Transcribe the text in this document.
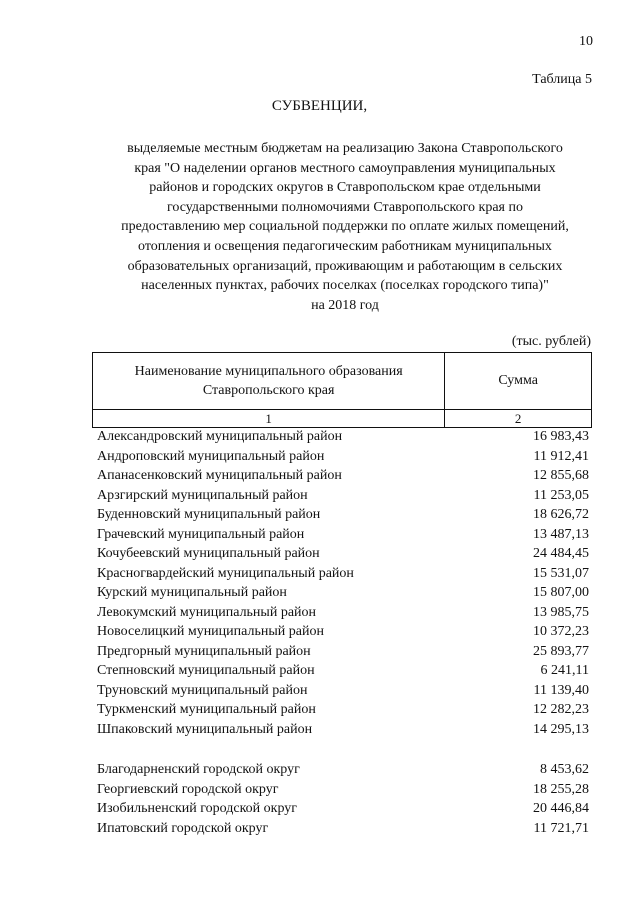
10
Таблица 5
СУБВЕНЦИИ,
выделяемые местным бюджетам на реализацию Закона Ставропольского
края "О наделении органов местного самоуправления муниципальных
районов и городских округов в Ставропольском крае отдельными
государственными полномочиями Ставропольского края по
предоставлению мер социальной поддержки по оплате жилых помещений,
отопления и освещения педагогическим работникам муниципальных
образовательных организаций, проживающим и работающим в сельских
населенных пунктах, рабочих поселках (поселках городского типа)"
на 2018 год
(тыс. рублей)
Наименование муниципального образования
Ставропольского края	Сумма
1	2
Александровский муниципальный район	16 983,43
Андроповский муниципальный район	11 912,41
Апанасенковский муниципальный район	12 855,68
Арзгирский муниципальный район	11 253,05
Буденновский муниципальный район	18 626,72
Грачевский муниципальный район	13 487,13
Кочубеевский муниципальный район	24 484,45
Красногвардейский муниципальный район	15 531,07
Курский муниципальный район	15 807,00
Левокумский муниципальный район	13 985,75
Новоселицкий муниципальный район	10 372,23
Предгорный муниципальный район	25 893,77
Степновский муниципальный район	6 241,11
Труновский муниципальный район	11 139,40
Туркменский муниципальный район	12 282,23
Шпаковский муниципальный район	14 295,13
Благодарненский городской округ	8 453,62
Георгиевский городской округ	18 255,28
Изобильненский городской округ	20 446,84
Ипатовский городской округ	11 721,71
